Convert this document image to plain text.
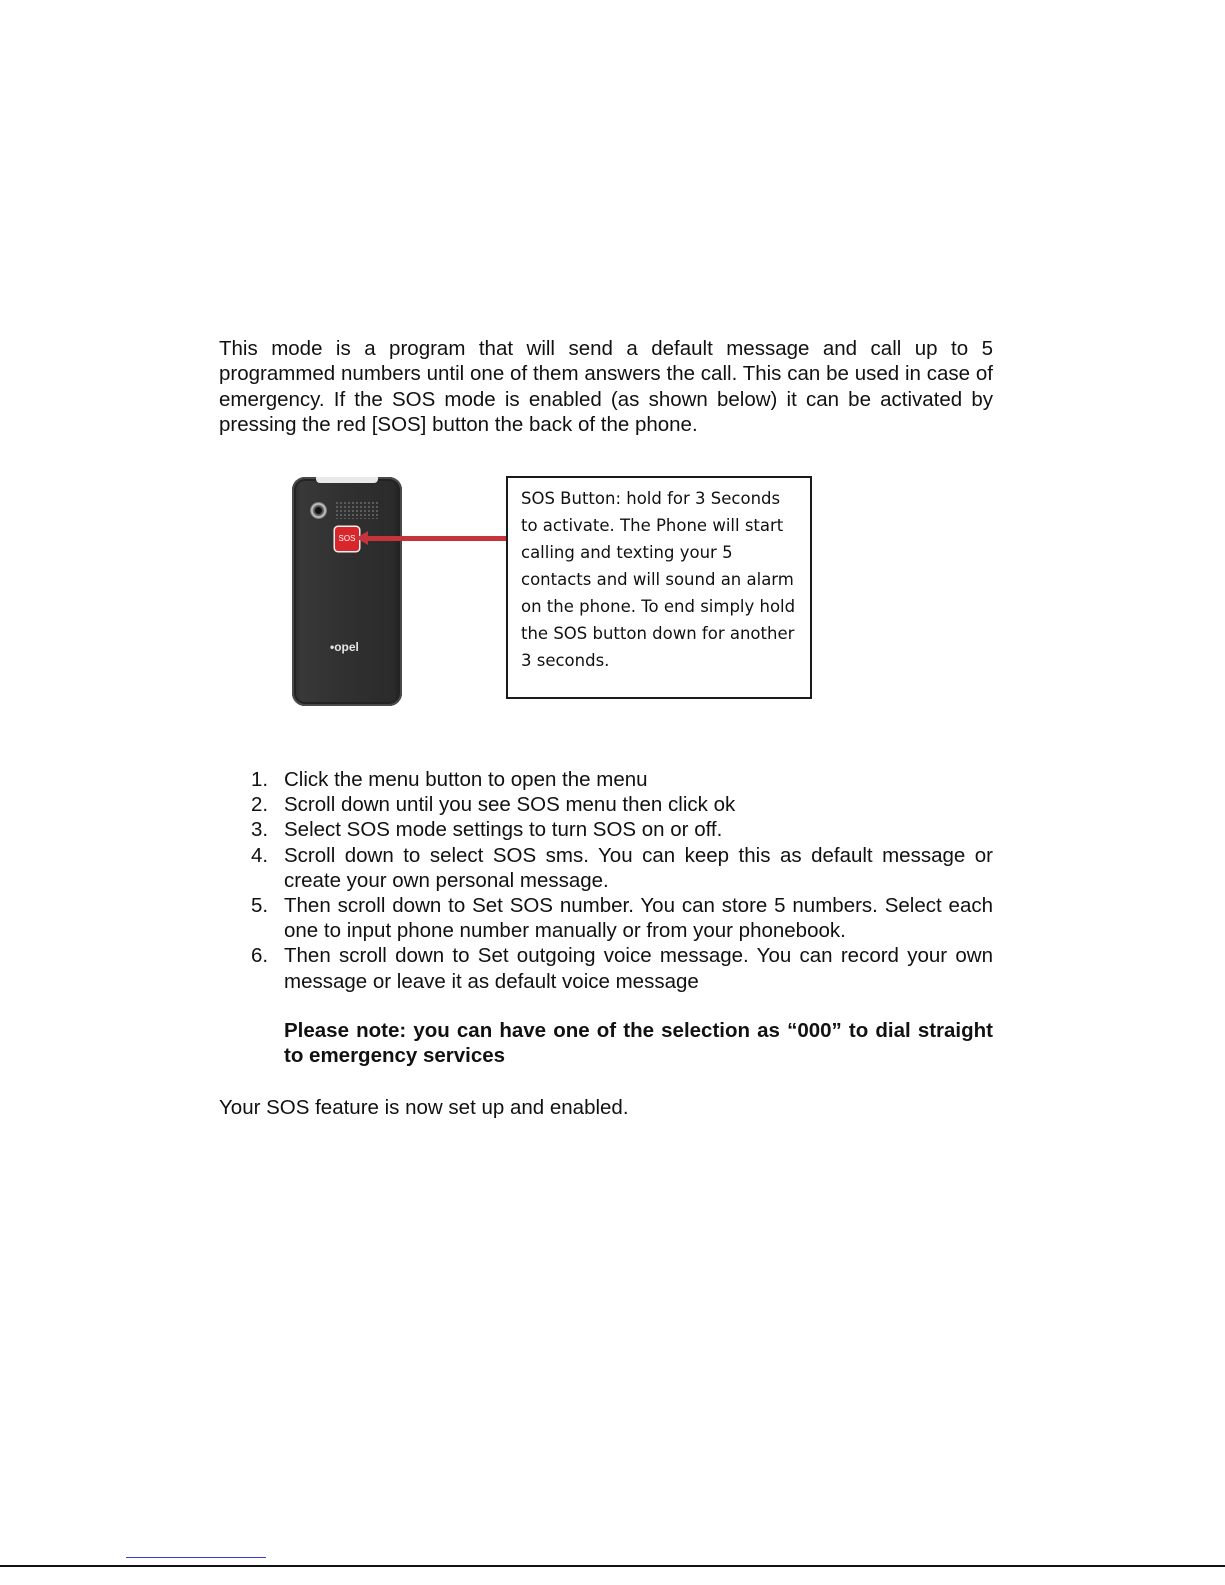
This mode is a program that will send a default message and call up to 5 programmed numbers until one of them answers the call. This can be used in case of emergency. If the SOS mode is enabled (as shown below) it can be activated by pressing the red [SOS] button the back of the phone.

SOS
•opel
SOS Button: hold for 3 Seconds to activate. The Phone will start calling and texting your 5 contacts and will sound an alarm on the phone. To end simply hold the SOS button down for another 3 seconds.
1. Click the menu button to open the menu
2. Scroll down until you see SOS menu then click ok
3. Select SOS mode settings to turn SOS on or off.
4. Scroll down to select SOS sms. You can keep this as default message or create your own personal message.
5. Then scroll down to Set SOS number. You can store 5 numbers. Select each one to input phone number manually or from your phonebook.
6. Then scroll down to Set outgoing voice message. You can record your own message or leave it as default voice message

Please note: you can have one of the selection as “000” to dial straight to emergency services

Your SOS feature is now set up and enabled.
